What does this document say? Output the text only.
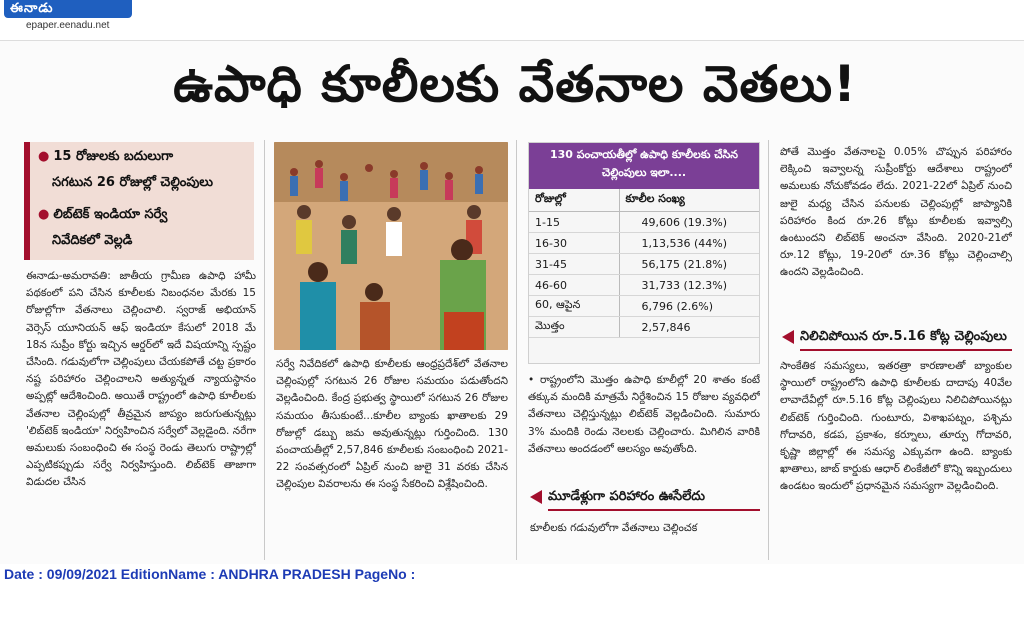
ఈనాడు
epaper.eenadu.net
ఉపాధి కూలీలకు వేతనాల వెతలు!
● 15 రోజులకు బదులుగా
సగటున 26 రోజుల్లో చెల్లింపులు
● లిబ్‌టెక్‌ ఇండియా సర్వే
నివేదికలో వెల్లడి
ఈనాడు-అమరావతి: జాతీయ గ్రామీణ ఉపాధి హామీ పథకంలో పని చేసిన కూలీలకు నిబంధనల మేరకు 15 రోజుల్లోగా వేతనాలు చెల్లించాలి. స్వరాజ్‌ అభియాన్‌ వెర్సెస్‌ యూనియన్‌ ఆఫ్‌ ఇండియా కేసులో 2018 మే 18న సుప్రీం కోర్టు ఇచ్చిన ఆర్డర్‌లో ఇదే విషయాన్ని స్పష్టం చేసింది. గడువులోగా చెల్లింపులు చేయకపోతే చట్ట ప్రకారం నష్ట పరిహారం చెల్లించాలని అత్యున్నత న్యాయస్థానం అప్పట్లో ఆదేశించింది. అయితే రాష్ట్రంలో ఉపాధి కూలీలకు వేతనాల చెల్లింపుల్లో తీవ్రమైన జాప్యం జరుగుతున్నట్లు 'లిబ్‌టెక్‌ ఇండియా' నిర్వహించిన సర్వేలో వెల్లడైంది. నరేగా అమలుకు సంబంధించి ఈ సంస్థ రెండు తెలుగు రాష్ట్రాల్లో ఎప్పటికప్పుడు సర్వే నిర్వహిస్తుంది. లిబ్‌టెక్‌ తాజాగా విడుదల చేసిన
సర్వే నివేదికలో ఉపాధి కూలీలకు ఆంధ్రప్రదేశ్‌లో వేతనాల చెల్లింపుల్లో సగటున 26 రోజుల సమయం పడుతోందని వెల్లడించింది. కేంద్ర ప్రభుత్వ స్థాయిలో సగటున 26 రోజుల సమయం తీసుకుంటే...కూలీల బ్యాంకు ఖాతాలకు 29 రోజుల్లో డబ్బు జమ అవుతున్నట్లు గుర్తించింది. 130 పంచాయతీల్లో 2,57,846 కూలీలకు సంబంధించి 2021-22 సంవత్సరంలో ఏప్రిల్‌ నుంచి జులై 31 వరకు చేసిన చెల్లింపుల వివరాలను ఈ సంస్థ సేకరించి విశ్లేషించింది.
130 పంచాయతీల్లో ఉపాధి కూలీలకు చేసిన చెల్లింపులు ఇలా....
రోజుల్లో	కూలీల సంఖ్య
1-15	49,606 (19.3%)
16-30	1,13,536 (44%)
31-45	56,175 (21.8%)
46-60	31,733 (12.3%)
60, ఆపైన	6,796 (2.6%)
మొత్తం	2,57,846
• రాష్ట్రంలోని మొత్తం ఉపాధి కూలీల్లో 20 శాతం కంటే తక్కువ మందికి మాత్రమే నిర్దేశించిన 15 రోజుల వ్యవధిలో వేతనాలు చెల్లిస్తున్నట్లు లిబ్‌టెక్‌ వెల్లడించింది. సుమారు 3% మందికి రెండు నెలలకు చెల్లించారు. మిగిలిన వారికి వేతనాలు అందడంలో ఆలస్యం అవుతోంది.
మూడేళ్లుగా పరిహారం ఊసేలేదు
కూలీలకు గడువులోగా వేతనాలు చెల్లించక
పోతే మొత్తం వేతనాలపై 0.05% చొప్పున పరిహారం లెక్కించి ఇవ్వాలన్న సుప్రీంకోర్టు ఆదేశాలు రాష్ట్రంలో అమలుకు నోచుకోవడం లేదు. 2021-22లో ఏప్రిల్‌ నుంచి జులై మధ్య చేసిన పనులకు చెల్లింపుల్లో జాప్యానికి పరిహారం కింద రూ.26 కోట్లు కూలీలకు ఇవ్వాల్సి ఉంటుందని లిబ్‌టెక్‌ అంచనా వేసింది. 2020-21లో రూ.12 కోట్లు, 19-20లో రూ.36 కోట్లు చెల్లించాల్సి ఉందని వెల్లడించింది.
నిలిచిపోయిన రూ.5.16 కోట్ల చెల్లింపులు
సాంకేతిక సమస్యలు, ఇతరత్రా కారణాలతో బ్యాంకుల స్థాయిలో రాష్ట్రంలోని ఉపాధి కూలీలకు దాదాపు 40వేల లావాదేవీల్లో రూ.5.16 కోట్ల చెల్లింపులు నిలిచిపోయినట్లు లిబ్‌టెక్‌ గుర్తించింది. గుంటూరు, విశాఖపట్నం, పశ్చిమ గోదావరి, కడప, ప్రకాశం, కర్నూలు, తూర్పు గోదావరి, కృష్ణా జిల్లాల్లో ఈ సమస్య ఎక్కువగా ఉంది. బ్యాంకు ఖాతాలు, జాబ్‌ కార్డుకు ఆధార్‌ లింకేజీలో కొన్ని ఇబ్బందులు ఉండటం ఇందులో ప్రధానమైన సమస్యగా వెల్లడించింది.
Date : 09/09/2021 EditionName : ANDHRA PRADESH PageNo :
